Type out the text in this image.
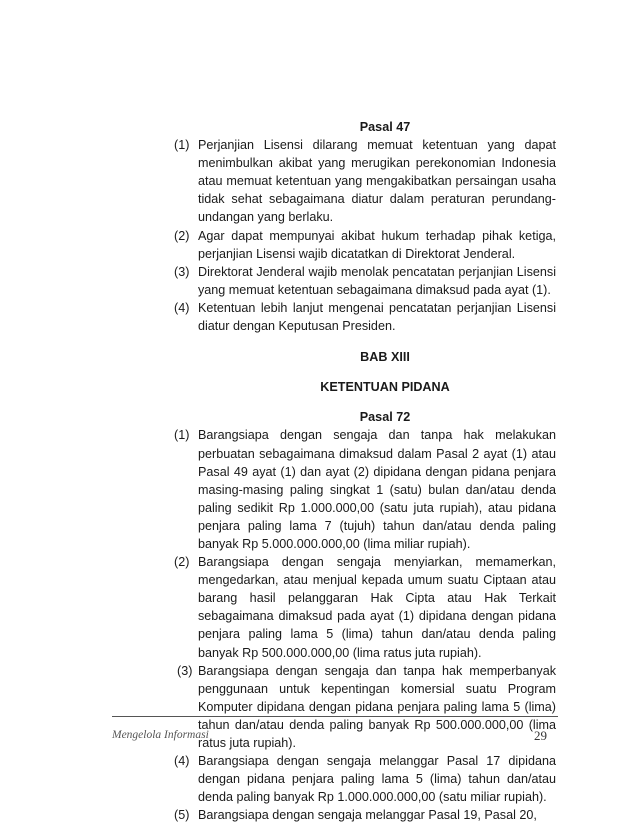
Pasal 47
(1) Perjanjian Lisensi dilarang memuat ketentuan yang dapat menimbulkan akibat yang merugikan perekonomian Indonesia atau memuat ketentuan yang mengakibatkan persaingan usaha tidak sehat sebagaimana diatur dalam peraturan perundang-undangan yang berlaku.
(2) Agar dapat mempunyai akibat hukum terhadap pihak ketiga, perjanjian Lisensi wajib dicatatkan di Direktorat Jenderal.
(3) Direktorat Jenderal wajib menolak pencatatan perjanjian Lisensi yang memuat ketentuan sebagaimana dimaksud pada ayat (1).
(4) Ketentuan lebih lanjut mengenai pencatatan perjanjian Lisensi diatur dengan Keputusan Presiden.
BAB XIII
KETENTUAN PIDANA
Pasal 72
(1) Barangsiapa dengan sengaja dan tanpa hak melakukan perbuatan sebagaimana dimaksud dalam Pasal 2 ayat (1) atau Pasal 49 ayat (1) dan ayat (2) dipidana dengan pidana penjara masing-masing paling singkat 1 (satu) bulan dan/atau denda paling sedikit Rp 1.000.000,00 (satu juta rupiah), atau pidana penjara paling lama 7 (tujuh) tahun dan/atau denda paling banyak Rp 5.000.000.000,00 (lima miliar rupiah).
(2) Barangsiapa dengan sengaja menyiarkan, memamerkan, mengedarkan, atau menjual kepada umum suatu Ciptaan atau barang hasil pelanggaran Hak Cipta atau Hak Terkait sebagaimana dimaksud pada ayat (1) dipidana dengan pidana penjara paling lama 5 (lima) tahun dan/atau denda paling banyak Rp 500.000.000,00 (lima ratus juta rupiah).
(3) Barangsiapa dengan sengaja dan tanpa hak memperbanyak penggunaan untuk kepentingan komersial suatu Program Komputer dipidana dengan pidana penjara paling lama 5 (lima) tahun dan/atau denda paling banyak Rp 500.000.000,00 (lima ratus juta rupiah).
(4) Barangsiapa dengan sengaja melanggar Pasal 17 dipidana dengan pidana penjara paling lama 5 (lima) tahun dan/atau denda paling banyak Rp 1.000.000.000,00 (satu miliar rupiah).
(5) Barangsiapa dengan sengaja melanggar Pasal 19, Pasal 20,
Mengelola Informasi	29
